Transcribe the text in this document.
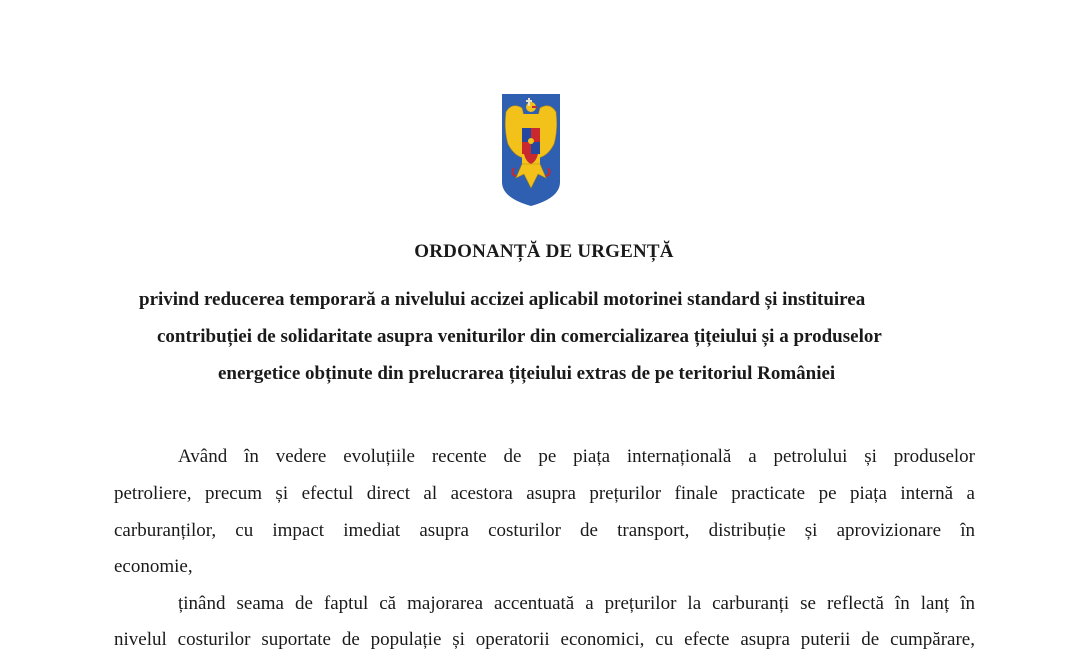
ORDONANȚĂ DE URGENȚĂ
privind reducerea temporară a nivelului accizei aplicabil motorinei standard și instituirea
contribuției de solidaritate asupra veniturilor din comercializarea țițeiului și a produselor
energetice obținute din prelucrarea țițeiului extras de pe teritoriul României
Având în vedere evoluțiile recente de pe piața internațională a petrolului și produselor
petroliere, precum și efectul direct al acestora asupra prețurilor finale practicate pe piața internă a
carburanților, cu impact imediat asupra costurilor de transport, distribuție și aprovizionare în
economie,
ținând seama de faptul că majorarea accentuată a prețurilor la carburanți se reflectă în lanț în
nivelul costurilor suportate de populație și operatorii economici, cu efecte asupra puterii de cumpărare,
